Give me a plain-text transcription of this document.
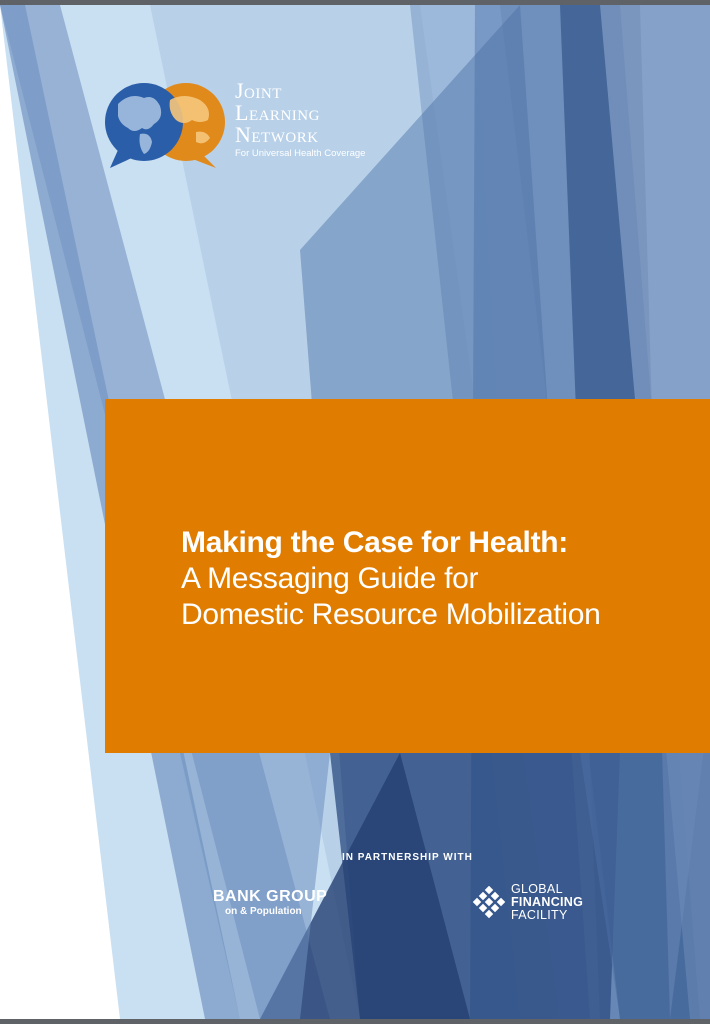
Joint
Learning
Network
For Universal Health Coverage
Making the Case for Health:
A Messaging Guide for
Domestic Resource Mobilization
IN PARTNERSHIP WITH
BANK GROUP
on & Population
GLOBAL
FINANCING
FACILITY
